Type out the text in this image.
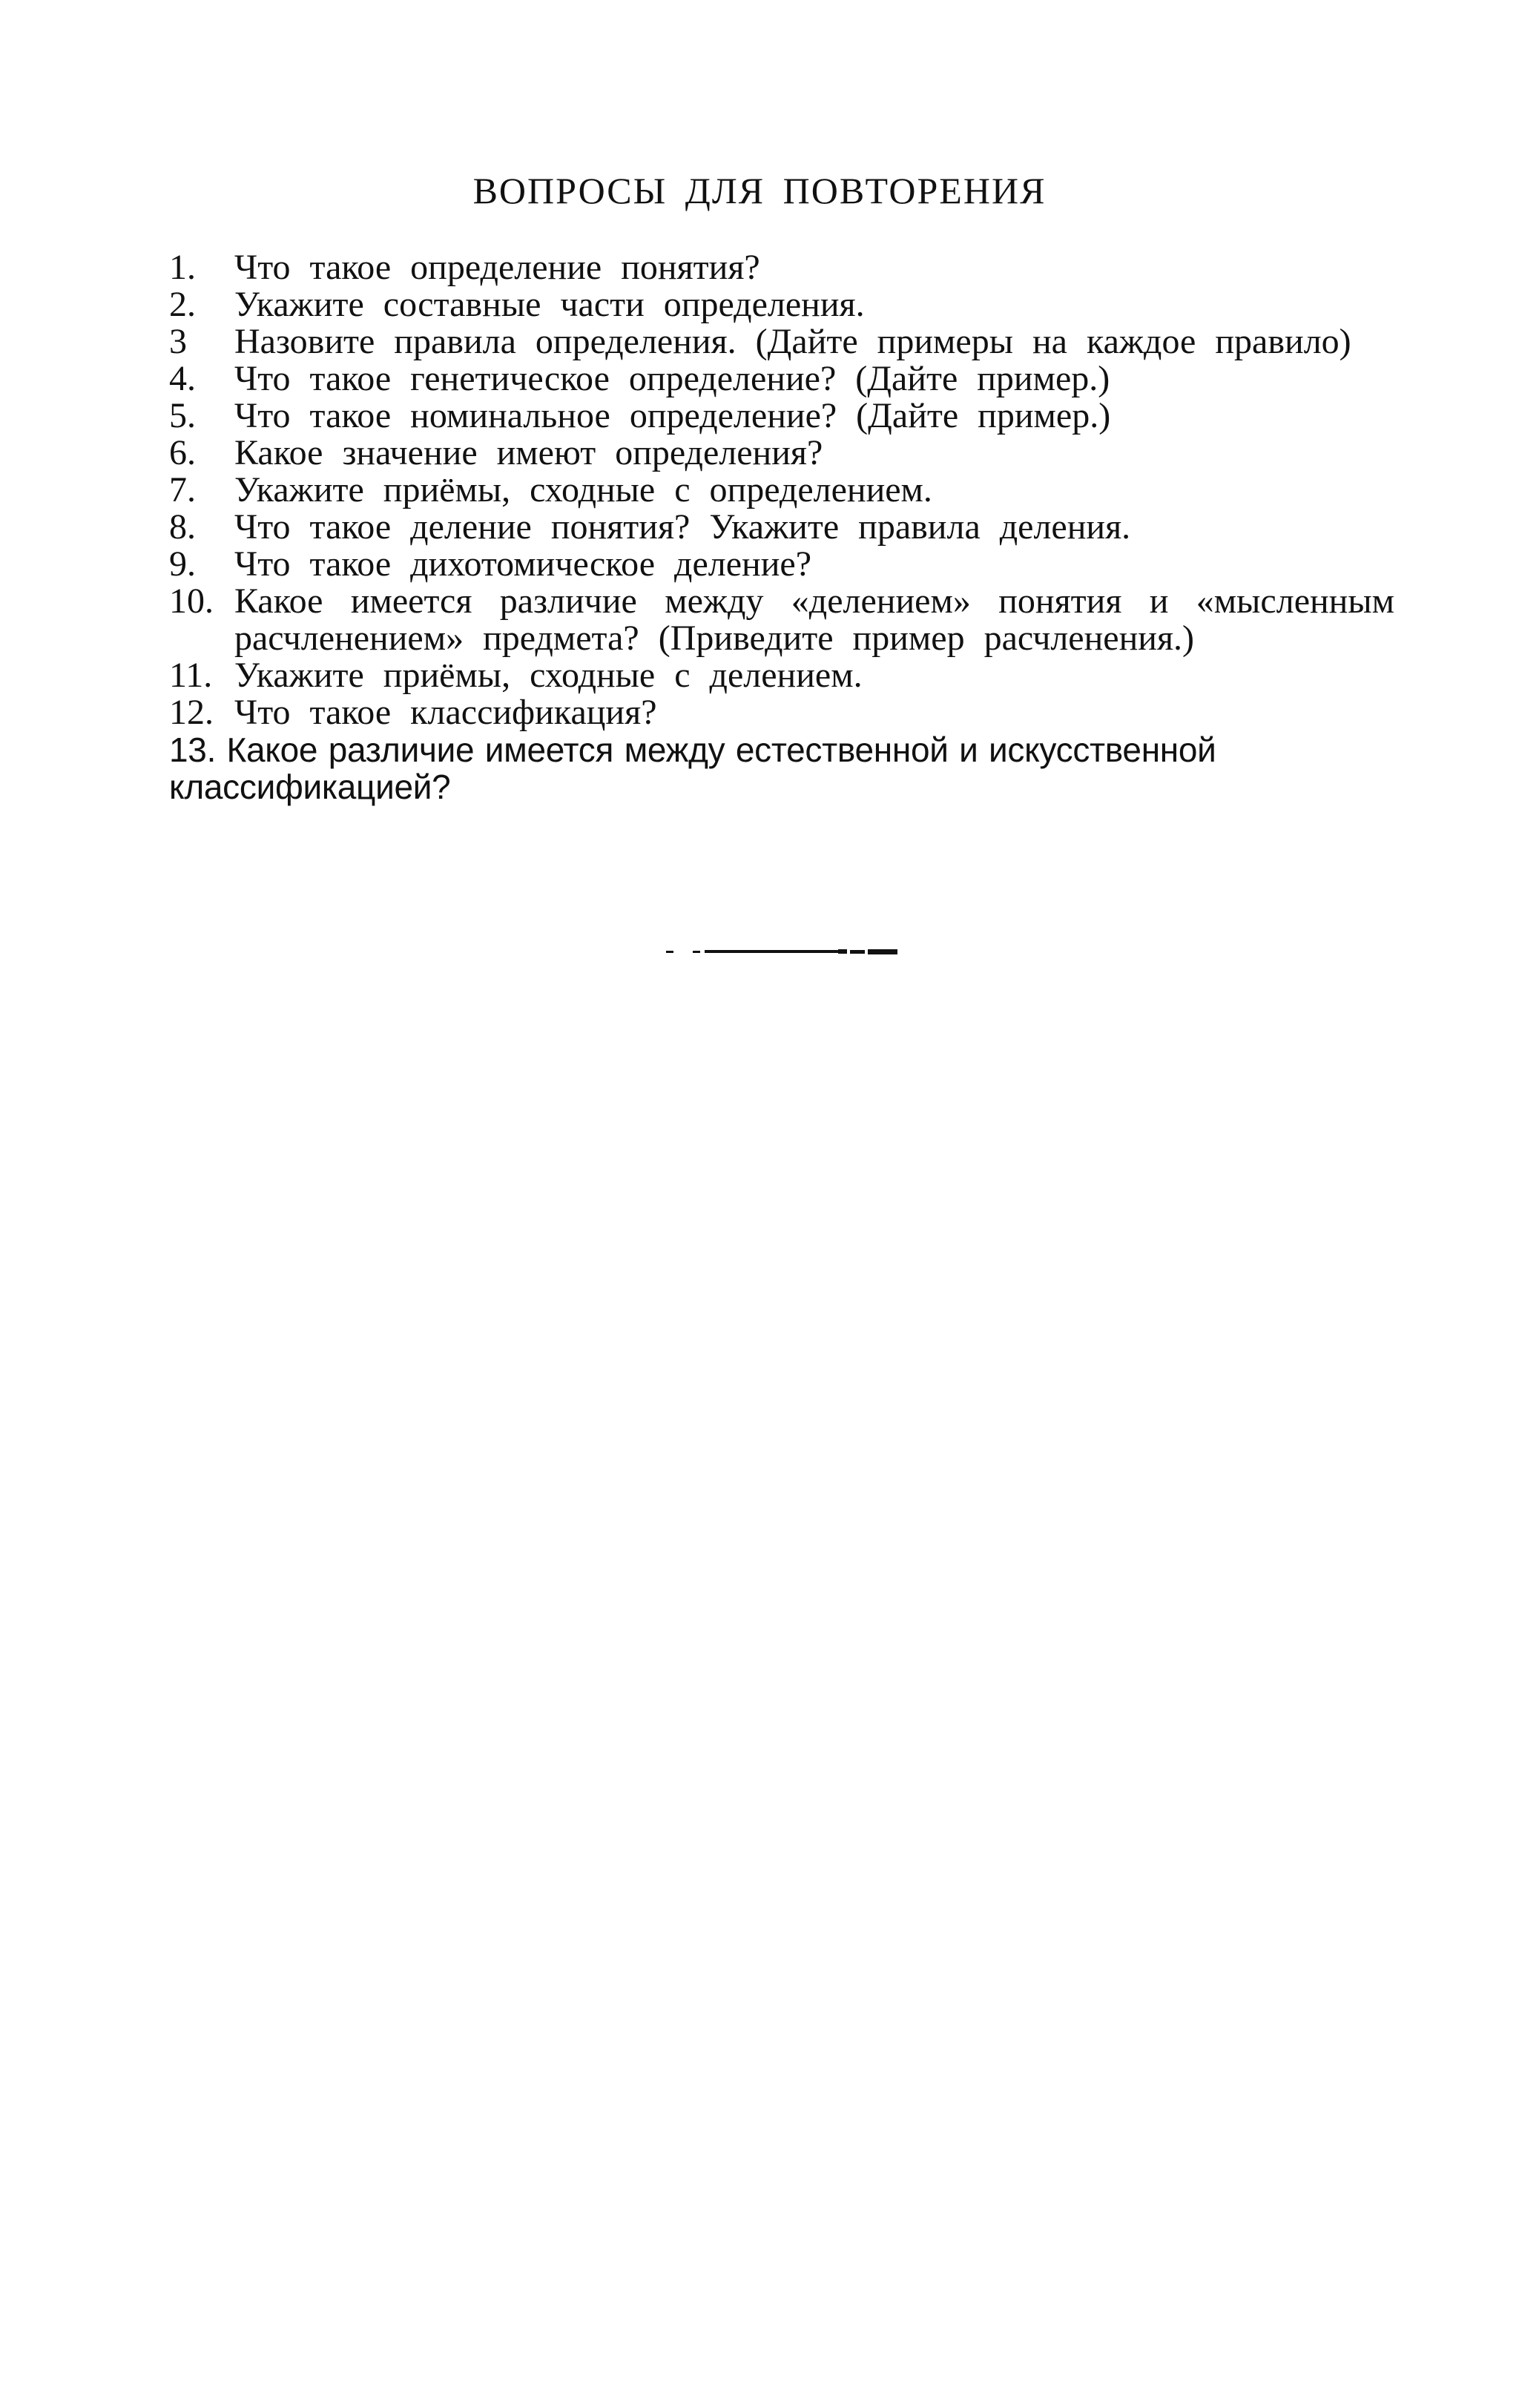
ВОПРОСЫ ДЛЯ ПОВТОРЕНИЯ
1.	Что такое определение понятия?
2.	Укажите составные части определения.
3	Назовите правила определения. (Дайте примеры на каждое правило)
4.	Что такое генетическое определение? (Дайте пример.)
5.	Что такое номинальное определение? (Дайте пример.)
6.	Какое значение имеют определения?
7.	Укажите приёмы, сходные с определением.
8.	Что такое деление понятия? Укажите правила деления.
9.	Что такое дихотомическое деление?
10. Какое имеется различие между «делением» понятия и «мысленным расчленением» предмета? (Приведите пример расчленения.)
11. Укажите приёмы, сходные с делением.
12. Что такое классификация?
13. Какое различие имеется между естественной и искусственной классификацией?
